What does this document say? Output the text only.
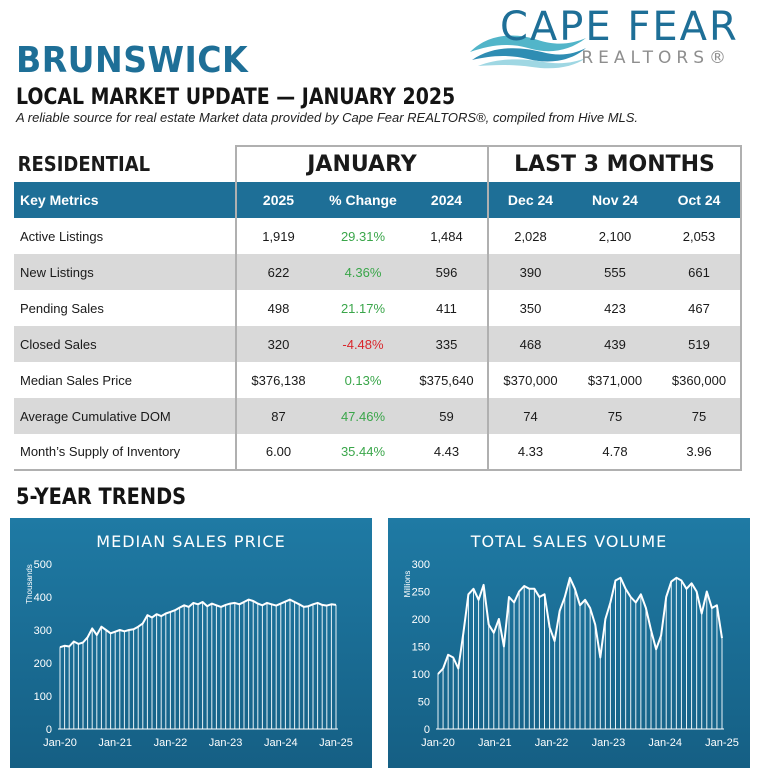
CAPE FEAR
REALTORS®
BRUNSWICK
LOCAL MARKET UPDATE — JANUARY 2025
A reliable source for real estate Market data provided by Cape Fear REALTORS®, compiled from Hive MLS.
RESIDENTIAL	JANUARY			LAST 3 MONTHS		
Key Metrics	2025	% Change	2024	Dec 24	Nov 24	Oct 24
Active Listings	1,919	29.31%	1,484	2,028	2,100	2,053
New Listings	622	4.36%	596	390	555	661
Pending Sales	498	21.17%	411	350	423	467
Closed Sales	320	-4.48%	335	468	439	519
Median Sales Price	$376,138	0.13%	$375,640	$370,000	$371,000	$360,000
Average Cumulative DOM	87	47.46%	59	74	75	75
Month’s Supply of Inventory	6.00	35.44%	4.43	4.33	4.78	3.96
5-YEAR TRENDS
MEDIAN SALES PRICE
0
100
200
300
400
500
Thousands
Jan-20 Jan-21 Jan-22 Jan-23 Jan-24 Jan-25
TOTAL SALES VOLUME
0
50
100
150
200
250
300
Millions
Jan-20 Jan-21 Jan-22 Jan-23 Jan-24 Jan-25
